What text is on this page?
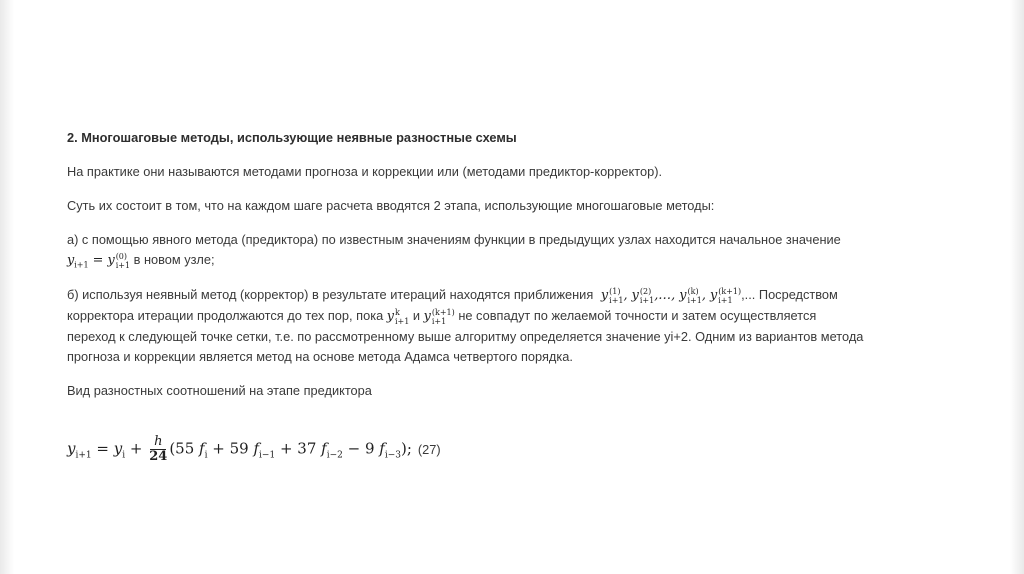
2. Многошаговые методы, использующие неявные разностные схемы
На практике они называются методами прогноза и коррекции или (методами предиктор-корректор).
Суть их состоит в том, что на каждом шаге расчета вводятся 2 этапа, использующие многошаговые методы:
а) с помощью явного метода (предиктора) по известным значениям функции в предыдущих узлах находится начальное значение
$y_{i+1} = y$ (0)
i+1 в новом узле;
б) используя неявный метод (корректор) в результате итераций находятся приближения  y (1)
i+1 , y (2)
i+1 ,…, y (k)
i+1 , y (k+1)
i+1 ,... Посредством
корректора итерации продолжаются до тех пор, пока y k
i+1 и y (k+1)
i+1 не совпадут по желаемой точности и затем осуществляется
переход к следующей точке сетки, т.е. по рассмотренному выше алгоритму определяется значение yi+2. Одним из вариантов метода
прогноза и коррекции является метод на основе метода Адамса четвертого порядка.
Вид разностных соотношений на этапе предиктора
$y_{i+1} = y_i + \frac{h}{24} (55$ $f_i + 59$ $f_{i-1} + 37$ $f_{i-2} - 9$ $f_{i-3}$); (27)
